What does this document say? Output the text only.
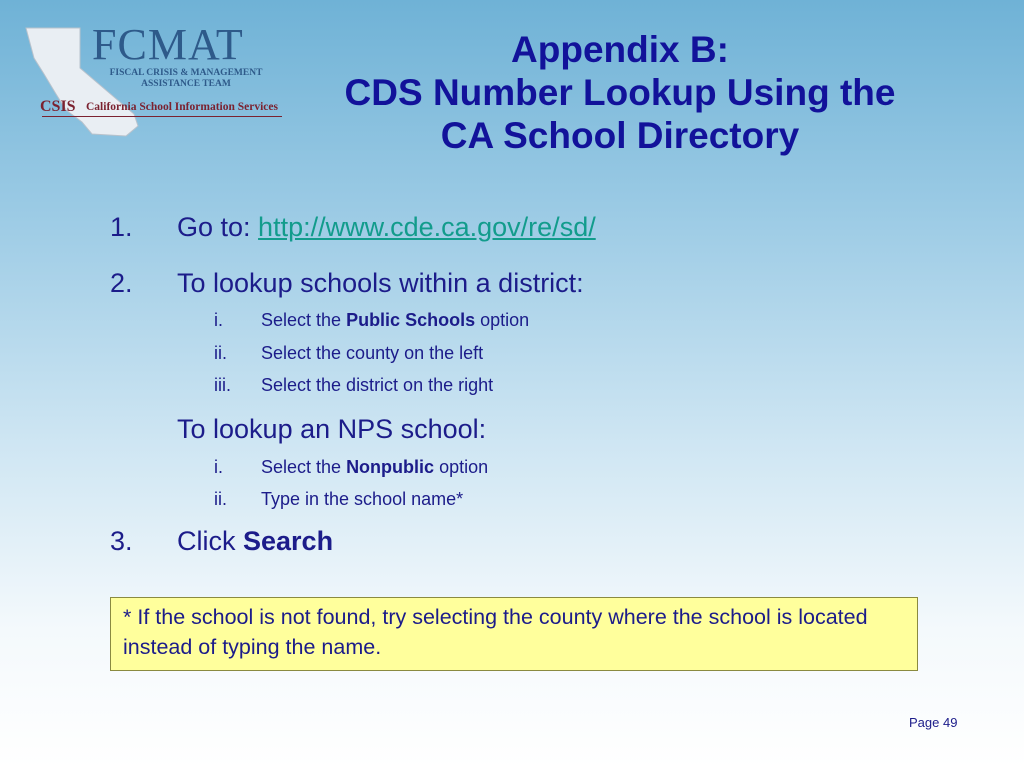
FCMAT
FISCAL CRISIS & MANAGEMENT
ASSISTANCE TEAM
CSIS California School Information Services
Appendix B:
CDS Number Lookup Using the
CA School Directory
1.	Go to: http://www.cde.ca.gov/re/sd/
2.	To lookup schools within a district:
i. Select the Public Schools option
ii. Select the county on the left
iii. Select the district on the right
To lookup an NPS school:
i. Select the Nonpublic option
ii. Type in the school name*
3.	Click Search
* If the school is not found, try selecting the county where the school is located instead of typing the name.
Page 49
